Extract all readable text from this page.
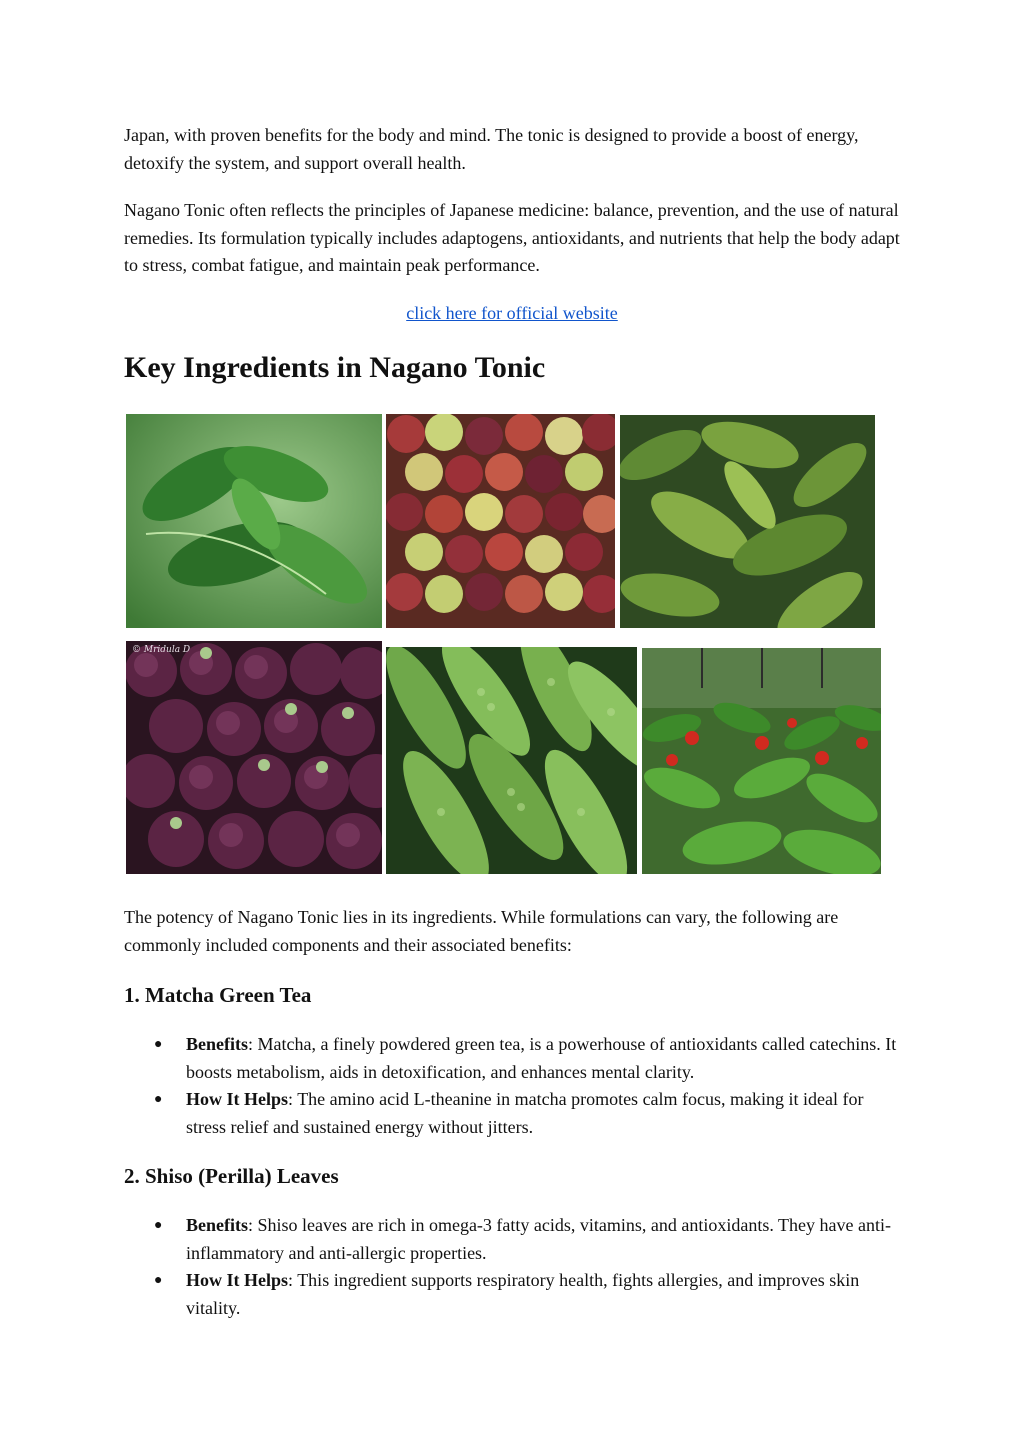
Japan, with proven benefits for the body and mind. The tonic is designed to provide a boost of energy, detoxify the system, and support overall health.

Nagano Tonic often reflects the principles of Japanese medicine: balance, prevention, and the use of natural remedies. Its formulation typically includes adaptogens, antioxidants, and nutrients that help the body adapt to stress, combat fatigue, and maintain peak performance.

click here for official website
Key Ingredients in Nagano Tonic
© Mridula D

The potency of Nagano Tonic lies in its ingredients. While formulations can vary, the following are commonly included components and their associated benefits:

1. Matcha Green Tea
● Benefits: Matcha, a finely powdered green tea, is a powerhouse of antioxidants called catechins. It boosts metabolism, aids in detoxification, and enhances mental clarity.
● How It Helps: The amino acid L-theanine in matcha promotes calm focus, making it ideal for stress relief and sustained energy without jitters.
2. Shiso (Perilla) Leaves
● Benefits: Shiso leaves are rich in omega-3 fatty acids, vitamins, and antioxidants. They have anti-inflammatory and anti-allergic properties.
● How It Helps: This ingredient supports respiratory health, fights allergies, and improves skin vitality.
